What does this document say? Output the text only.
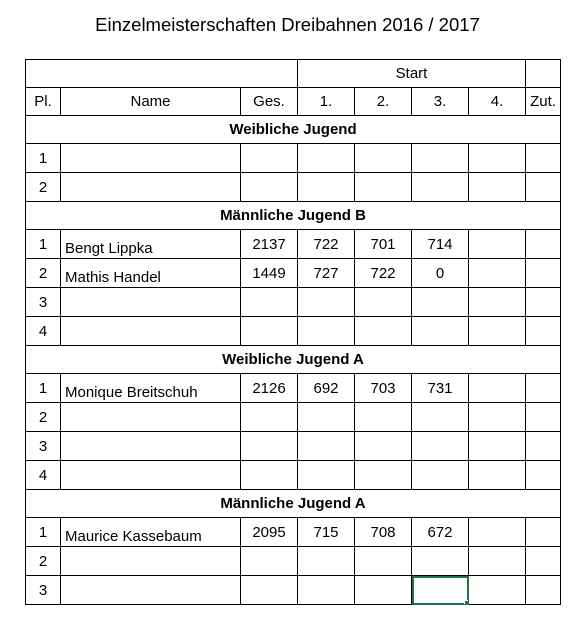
Einzelmeisterschaften Dreibahnen 2016 / 2017
			Start				
Pl.	Name	Ges.	1.	2.	3.	4.	Zut.
Weibliche Jugend							
1							
2							
Männliche Jugend B							
1	Bengt Lippka	2137	722	701	714		
2	Mathis Handel	1449	727	722	0		
3							
4							
Weibliche Jugend A							
1	Monique Breitschuh	2126	692	703	731		
2							
3							
4							
Männliche Jugend A							
1	Maurice Kassebaum	2095	715	708	672		
2							
3					
